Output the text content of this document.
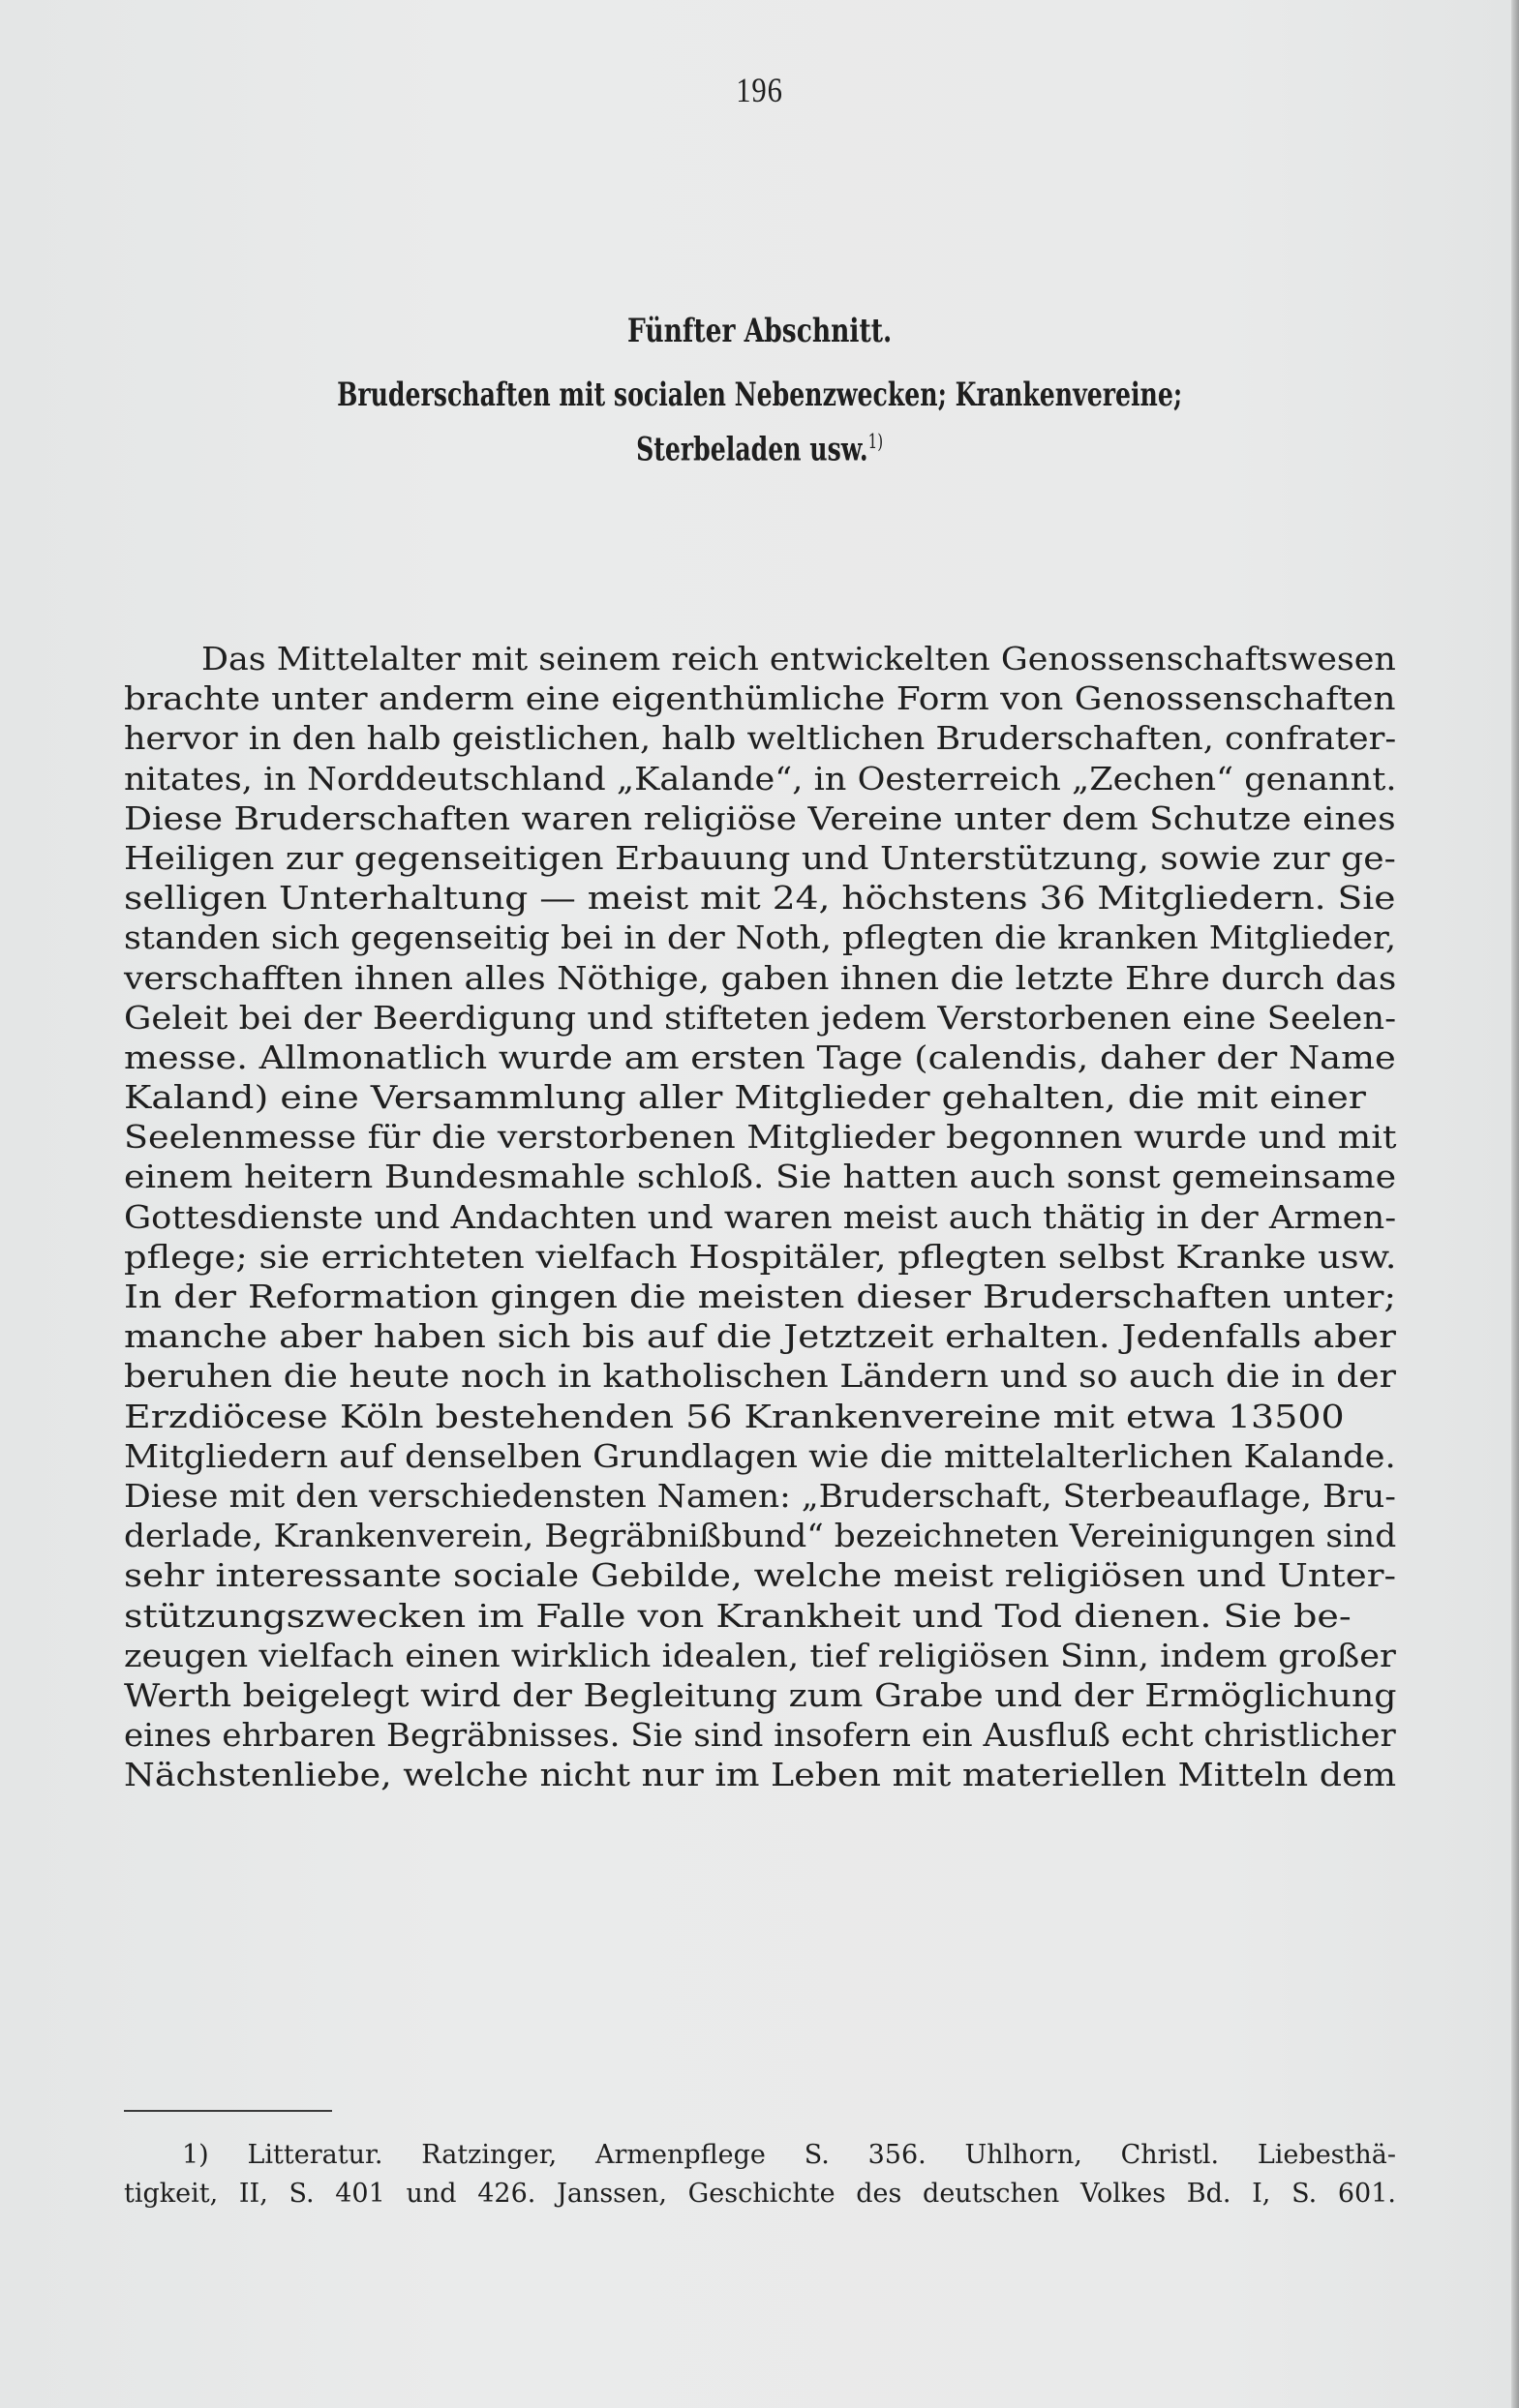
196
Fünfter Abschnitt.
Bruderschaften mit socialen Nebenzwecken; Krankenvereine;
Sterbeladen usw.$^{1)}$
Das Mittelalter mit seinem reich entwickelten Genossenschaftswesen
brachte unter anderm eine eigenthümliche Form von Genossenschaften
hervor in den halb geistlichen, halb weltlichen Bruderschaften, confrater-
nitates, in Norddeutschland „Kalande“, in Oesterreich „Zechen“ genannt.
Diese Bruderschaften waren religiöse Vereine unter dem Schutze eines
Heiligen zur gegenseitigen Erbauung und Unterstützung, sowie zur ge-
selligen Unterhaltung — meist mit 24, höchstens 36 Mitgliedern. Sie
standen sich gegenseitig bei in der Noth, pflegten die kranken Mitglieder,
verschafften ihnen alles Nöthige, gaben ihnen die letzte Ehre durch das
Geleit bei der Beerdigung und stifteten jedem Verstorbenen eine Seelen-
messe. Allmonatlich wurde am ersten Tage (calendis, daher der Name
Kaland) eine Versammlung aller Mitglieder gehalten, die mit einer
Seelenmesse für die verstorbenen Mitglieder begonnen wurde und mit
einem heitern Bundesmahle schloß. Sie hatten auch sonst gemeinsame
Gottesdienste und Andachten und waren meist auch thätig in der Armen-
pflege; sie errichteten vielfach Hospitäler, pflegten selbst Kranke usw.
In der Reformation gingen die meisten dieser Bruderschaften unter;
manche aber haben sich bis auf die Jetztzeit erhalten. Jedenfalls aber
beruhen die heute noch in katholischen Ländern und so auch die in der
Erzdiöcese Köln bestehenden 56 Krankenvereine mit etwa 13500
Mitgliedern auf denselben Grundlagen wie die mittelalterlichen Kalande.
Diese mit den verschiedensten Namen: „Bruderschaft, Sterbeauflage, Bru-
derlade, Krankenverein, Begräbnißbund“ bezeichneten Vereinigungen sind
sehr interessante sociale Gebilde, welche meist religiösen und Unter-
stützungszwecken im Falle von Krankheit und Tod dienen. Sie be-
zeugen vielfach einen wirklich idealen, tief religiösen Sinn, indem großer
Werth beigelegt wird der Begleitung zum Grabe und der Ermöglichung
eines ehrbaren Begräbnisses. Sie sind insofern ein Ausfluß echt christlicher
Nächstenliebe, welche nicht nur im Leben mit materiellen Mitteln dem
1) Litteratur. Ratzinger, Armenpflege S. 356. Uhlhorn, Christl. Liebesthä-
tigkeit, II, S. 401 und 426. Janssen, Geschichte des deutschen Volkes Bd. I, S. 601.
